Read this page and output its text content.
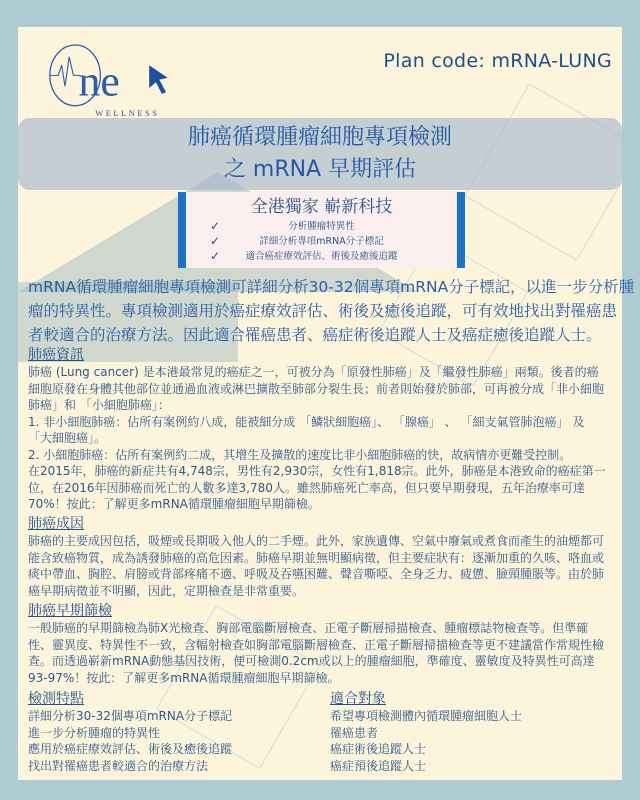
ne
WELLNESS
Plan code: mRNA-LUNG
肺癌循環腫瘤細胞專項檢測
之 mRNA 早期評估
全港獨家 嶄新科技
✓	分析腫瘤特異性
✓	詳細分析專項mRNA分子標記
✓	適合癌症療效評估、術後及癒後追蹤
mRNA循環腫瘤細胞專項檢測可詳細分析30-32個專項mRNA分子標記，以進一步分析腫
瘤的特異性。專項檢測適用於癌症療效評估、術後及癒後追蹤，可有效地找出對罹癌患
者較適合的治療方法。因此適合罹癌患者、癌症術後追蹤人士及癌症癒後追蹤人士。
肺癌資訊
肺癌 (Lung cancer) 是本港最常見的癌症之一，可被分為「原發性肺癌」及「繼發性肺癌」兩類。後者的癌
細胞原發在身體其他部位並通過血液或淋巴擴散至肺部分裂生長；前者則始發於肺部，可再被分成「非小細胞
肺癌」和 「小細胞肺癌」：
1. 非小細胞肺癌：佔所有案例約八成，能被細分成 「鱗狀細胞癌」、 「腺癌」 、 「細支氣管肺泡癌」 及
「大細胞癌」。
2. 小細胞肺癌：佔所有案例約二成，其增生及擴散的速度比非小細胞肺癌的快，故病情亦更難受控制。
在2015年，肺癌的新症共有4,748宗，男性有2,930宗，女性有1,818宗。此外，肺癌是本港致命的癌症第一
位，在2016年因肺癌而死亡的人數多達3,780人。雖然肺癌死亡率高，但只要早期發現，五年治療率可達
70%！按此：了解更多mRNA循環腫瘤細胞早期篩檢。
肺癌成因
肺癌的主要成因包括，吸煙或長期吸入他人的二手煙。此外，家族遺傳、空氣中廢氣或煮食而產生的油煙都可
能含致癌物質，成為誘發肺癌的高危因素。肺癌早期並無明顯病徵，但主要症狀有：逐漸加重的久咳、咯血或
痰中帶血、胸腔、肩膀或背部疼痛不適、呼吸及吞嚥困難、聲音嘶啞、全身乏力、疲憊、臉頸腫脹等。由於肺
癌早期病徵並不明顯，因此，定期檢查是非常重要。
肺癌早期篩檢
一般肺癌的早期篩檢為肺X光檢查、胸部電腦斷層檢查、正電子斷層掃描檢查、腫瘤標誌物檢查等。但準確
性、靈異度、特異性不一致，含幅射檢查如胸部電腦斷層檢查、正電子斷層掃描檢查等更不建議當作常規性檢
查。而透過嶄新mRNA動態基因技術，便可檢測0.2cm或以上的腫瘤細胞，準確度、靈敏度及特異性可高達
93-97%！按此：了解更多mRNA循環腫瘤細胞早期篩檢。
檢測特點
詳細分析30-32個專項mRNA分子標記
進一步分析腫瘤的特異性
應用於癌症療效評估、術後及癒後追蹤
找出對罹癌患者較適合的治療方法
適合對象
希望專項檢測體內循環腫瘤細胞人士
罹癌患者
癌症術後追蹤人士
癌症預後追蹤人士
